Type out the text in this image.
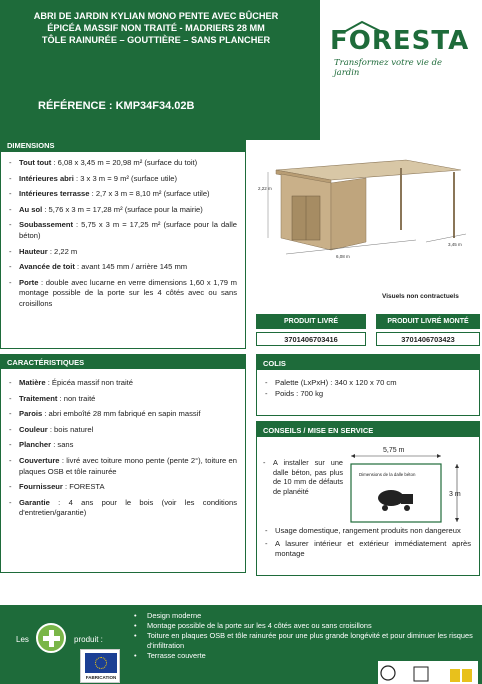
ABRI DE JARDIN KYLIAN MONO PENTE AVEC BÛCHER
ÉPICÉA MASSIF NON TRAITÉ - MADRIERS 28 MM
TÔLE RAINURÉE – GOUTTIÈRE – SANS PLANCHER
RÉFÉRENCE : KMP34F34.02B
FORESTA
Transformez votre vie de jardin
DIMENSIONS
- Tout tout : 6,08 x 3,45 m = 20,98 m² (surface du toit)
- Intérieures abri : 3 x 3 m = 9 m² (surface utile)
- Intérieures terrasse : 2,7 x 3 m = 8,10 m² (surface utile)
- Au sol : 5,76 x 3 m = 17,28 m² (surface pour la mairie)
- Soubassement : 5,75 x 3 m = 17,25 m² (surface pour la dalle béton)
- Hauteur : 2,22 m
- Avancée de toit : avant 145 mm / arrière 145 mm
- Porte : double avec lucarne en verre dimensions 1,60 x 1,79 m montage possible de la porte sur les 4 côtés avec ou sans croisillons
2,22 m
6,08 m
3,45 m
Visuels non contractuels
PRODUIT LIVRÉ
3701406703416
PRODUIT LIVRÉ MONTÉ
3701406703423
CARACTÉRISTIQUES
- Matière : Épicéa massif non traité
- Traitement : non traité
- Parois : abri emboîté 28 mm fabriqué en sapin massif
- Couleur : bois naturel
- Plancher : sans
- Couverture : livré avec toiture mono pente (pente 2°), toiture en plaques OSB et tôle rainurée
- Fournisseur : FORESTA
- Garantie : 4 ans pour le bois (voir les conditions d'entretien/garantie)
COLIS
- Palette (LxPxH) : 340 x 120 x 70 cm
- Poids : 700 kg
CONSEILS / MISE EN SERVICE
- A installer sur une dalle béton, pas plus de 10 mm de défauts de planéité
5,75 m
Dimensions de la dalle béton
3 m
- Usage domestique, rangement produits non dangereux
- A lasurer intérieur et extérieur immédiatement après montage
Les	produit :
FABRICATION
• Design moderne
• Montage possible de la porte sur les 4 côtés avec ou sans croisillons
• Toiture en plaques OSB et tôle rainurée pour une plus grande longévité et pour diminuer les risques d'infiltration
• Terrasse couverte
